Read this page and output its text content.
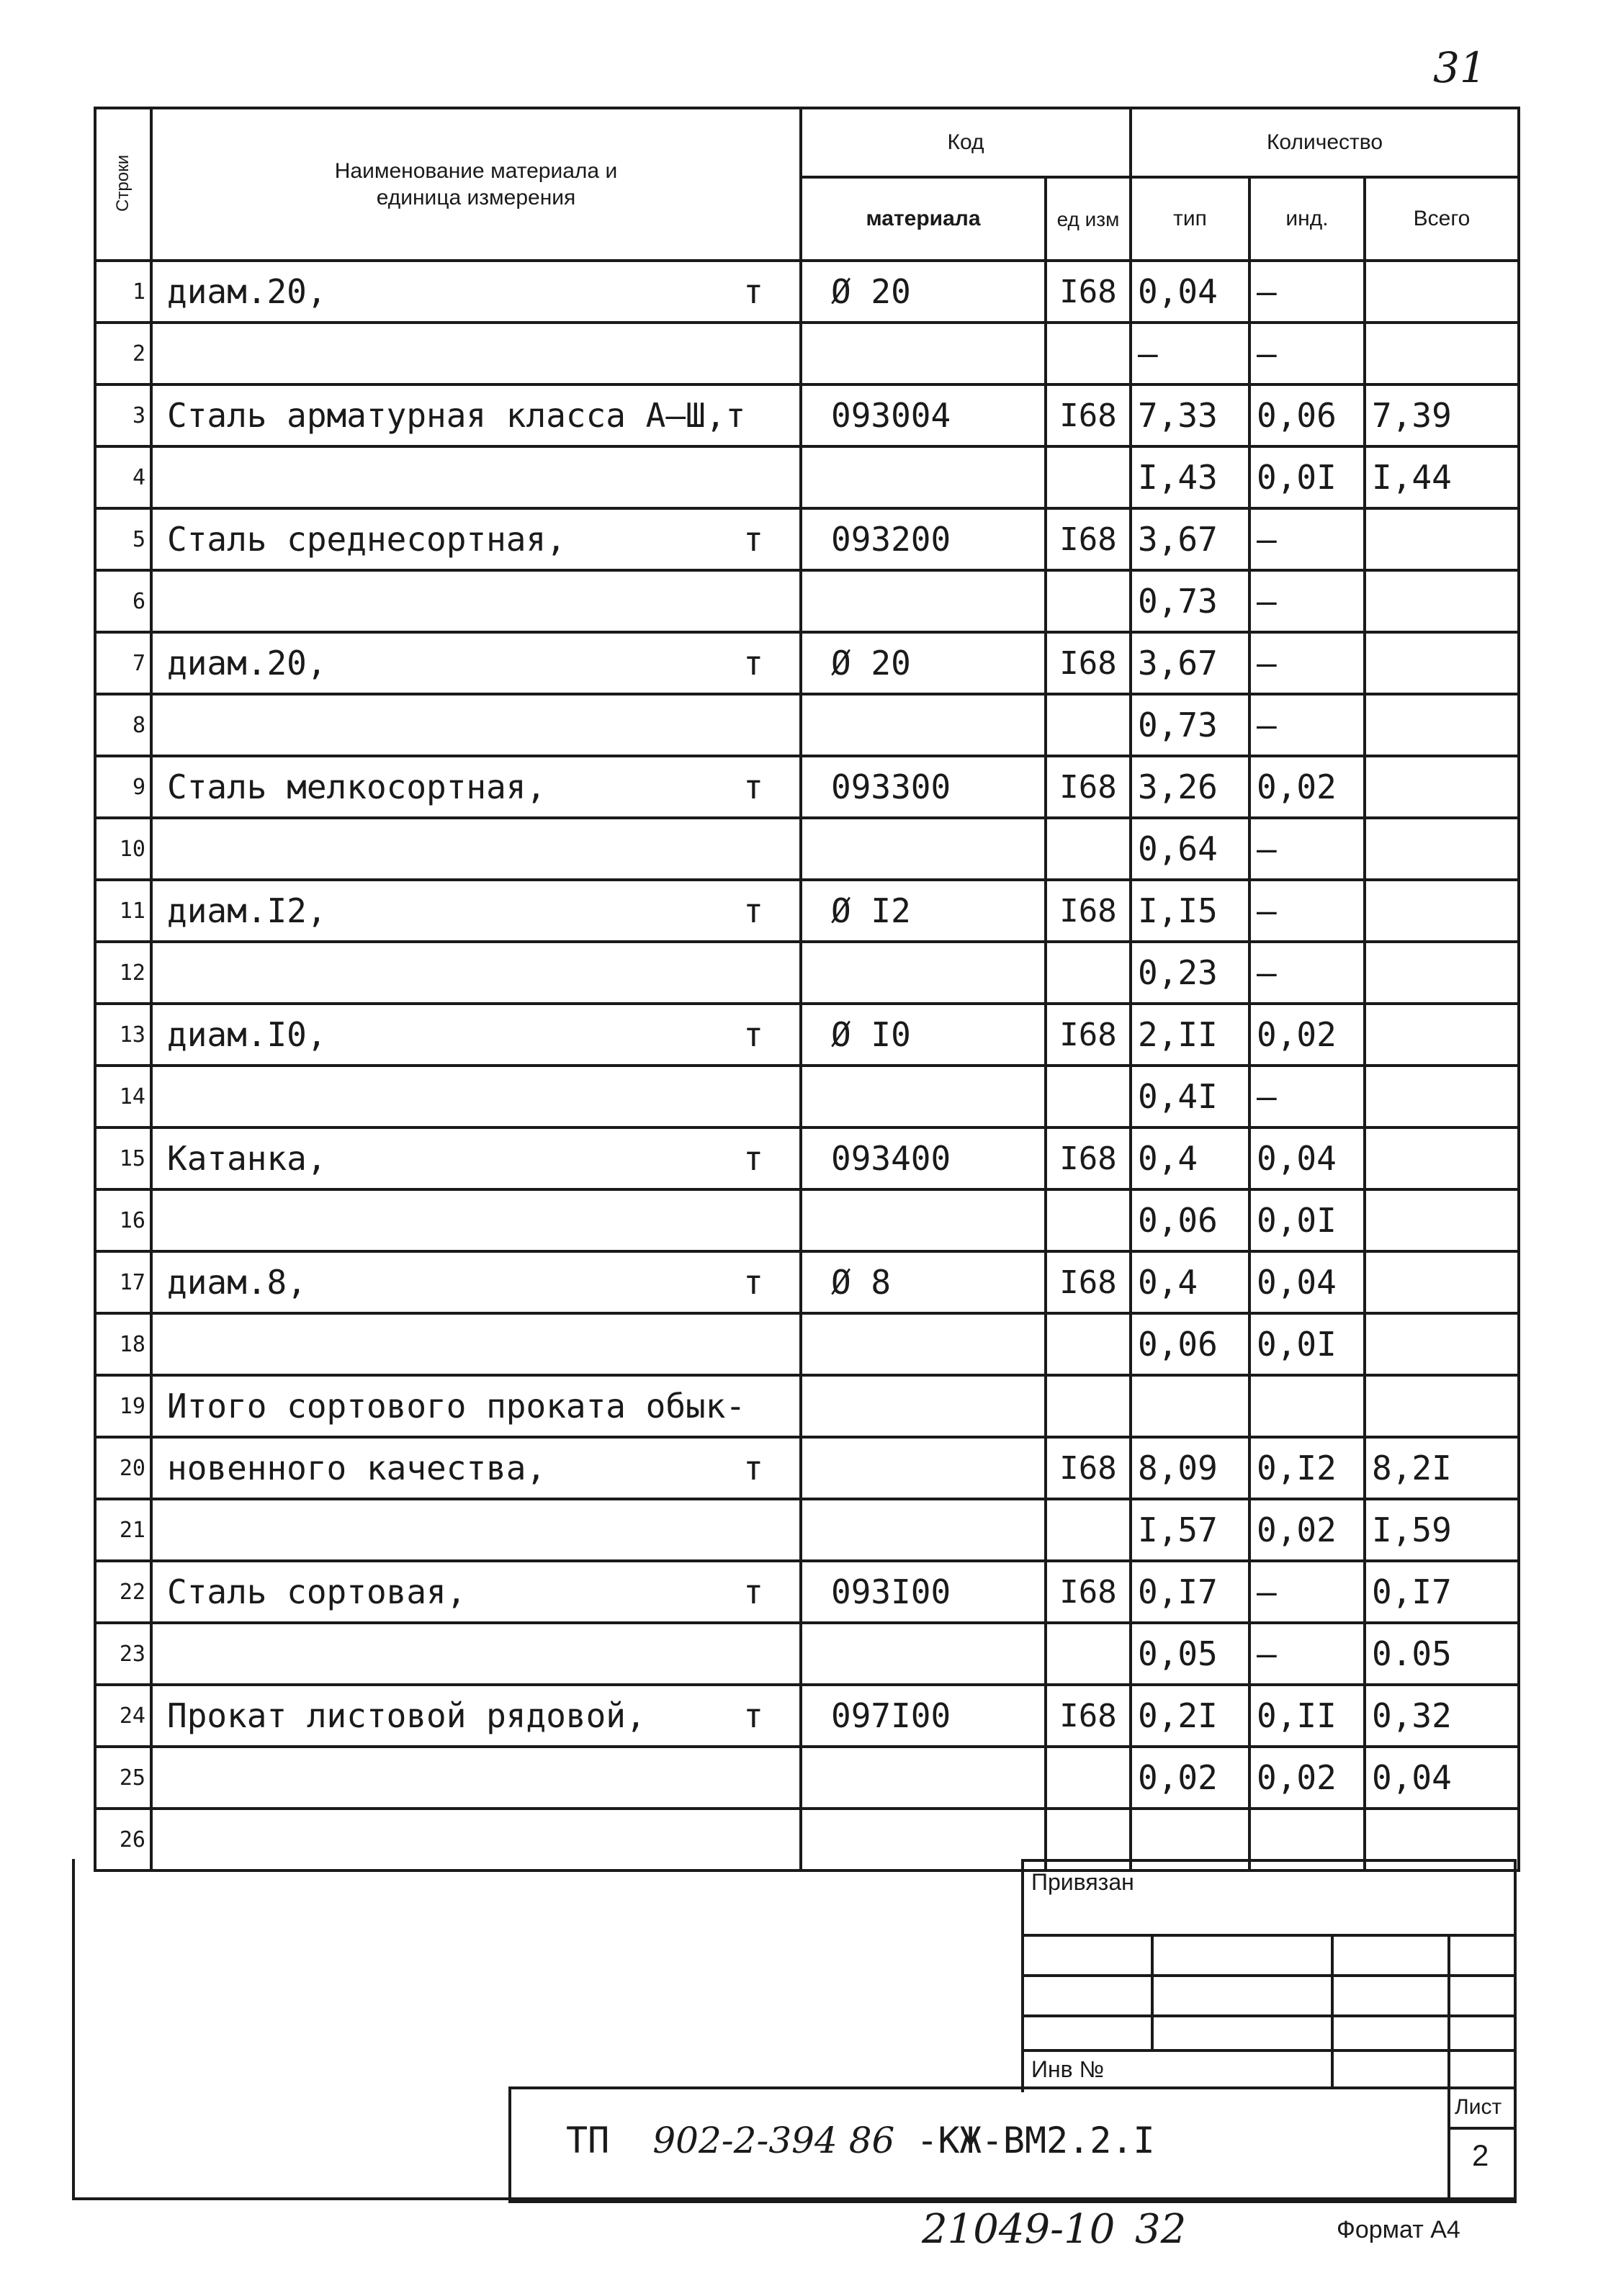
31
Строки	Наименование материала и единица измерения	Код		Количество		
		материала	ед изм	тип	инд.	Всего
1	диам.20, т	Ø 20	I68	0,04	–	
2				–	–	
3	Сталь арматурная класса А–Ш,т	093004	I68	7,33	0,06	7,39
4				I,43	0,0I	I,44
5	Сталь среднесортная, т	093200	I68	3,67	–	
6				0,73	–	
7	диам.20, т	Ø 20	I68	3,67	–	
8				0,73	–	
9	Сталь мелкосортная, т	093300	I68	3,26	0,02	
10				0,64	–	
11	диам.I2, т	Ø I2	I68	I,I5	–	
12				0,23	–	
13	диам.I0, т	Ø I0	I68	2,II	0,02	
14				0,4I	–	
15	Катанка, т	093400	I68	0,4	0,04	
16				0,06	0,0I	
17	диам.8, т	Ø 8	I68	0,4	0,04	
18				0,06	0,0I	
19	Итого сортового проката обык-					

20	новенного качества, т		I68	8,09	0,I2	8,2I
21				I,57	0,02	I,59
22	Сталь сортовая, т	093I00	I68	0,I7	–	0,I7
23				0,05	–	0.05
24	Прокат листовой рядовой, т	097I00	I68	0,2I	0,II	0,32
25				0,02	0,02	0,04
26	

Привязан
Инв №
Лист
2
ТП 902-2-394 86 -КЖ-ВМ2.2.I
21049-10 32	Формат А4
